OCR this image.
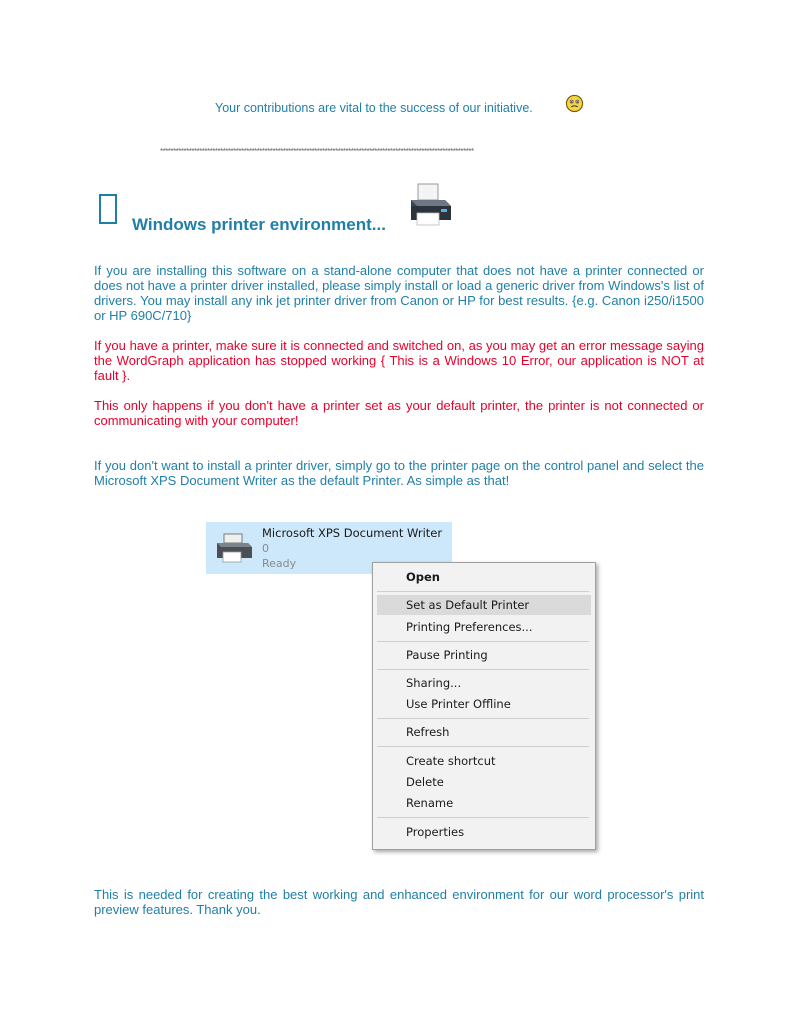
Your contributions are vital to the success of our initiative.
************************************************************************************************************************
Windows printer environment...

If you are installing this software on a stand-alone computer that does not have a printer connected or does not have a printer driver installed, please simply install or load a generic driver from Windows's list of drivers. You may install any ink jet printer driver from Canon or HP for best results. {e.g. Canon i250/i1500 or HP 690C/710}

If you have a printer, make sure it is connected and switched on, as you may get an error message saying the WordGraph application has stopped working { This is a Windows 10 Error, our application is NOT at fault }.

This only happens if you don't have a printer set as your default printer, the printer is not connected or communicating with your computer!

If you don't want to install a printer driver, simply go to the printer page on the control panel and select the Microsoft XPS Document Writer as the default Printer. As simple as that!

Microsoft XPS Document Writer
0
Ready
Open
Set as Default Printer
Printing Preferences...
Pause Printing
Sharing...
Use Printer Offline
Refresh
Create shortcut
Delete
Rename
Properties

This is needed for creating the best working and enhanced environment for our word processor's print preview features. Thank you.
